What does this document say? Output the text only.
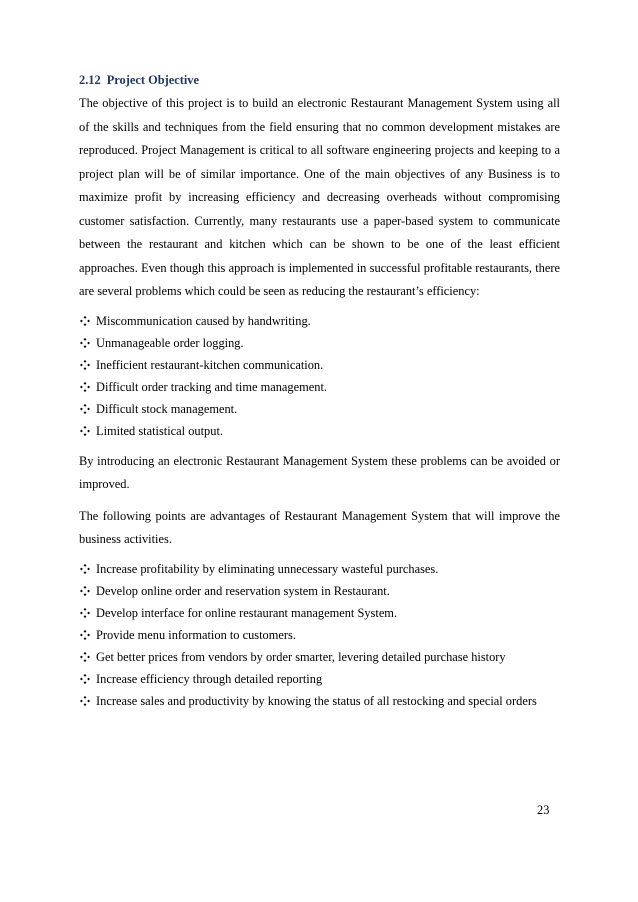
2.12 Project Objective

The objective of this project is to build an electronic Restaurant Management System using all of the skills and techniques from the field ensuring that no common development mistakes are reproduced. Project Management is critical to all software engineering projects and keeping to a project plan will be of similar importance. One of the main objectives of any Business is to maximize profit by increasing efficiency and decreasing overheads without compromising customer satisfaction. Currently, many restaurants use a paper-based system to communicate between the restaurant and kitchen which can be shown to be one of the least efficient approaches. Even though this approach is implemented in successful profitable restaurants, there are several problems which could be seen as reducing the restaurant’s efficiency:

Miscommunication caused by handwriting.
Unmanageable order logging.
Inefficient restaurant-kitchen communication.
Difficult order tracking and time management.
Difficult stock management.
Limited statistical output.

By introducing an electronic Restaurant Management System these problems can be avoided or improved.

The following points are advantages of Restaurant Management System that will improve the business activities.

Increase profitability by eliminating unnecessary wasteful purchases.
Develop online order and reservation system in Restaurant.
Develop interface for online restaurant management System.
Provide menu information to customers.
Get better prices from vendors by order smarter, levering detailed purchase history
Increase efficiency through detailed reporting
Increase sales and productivity by knowing the status of all restocking and special orders
23
